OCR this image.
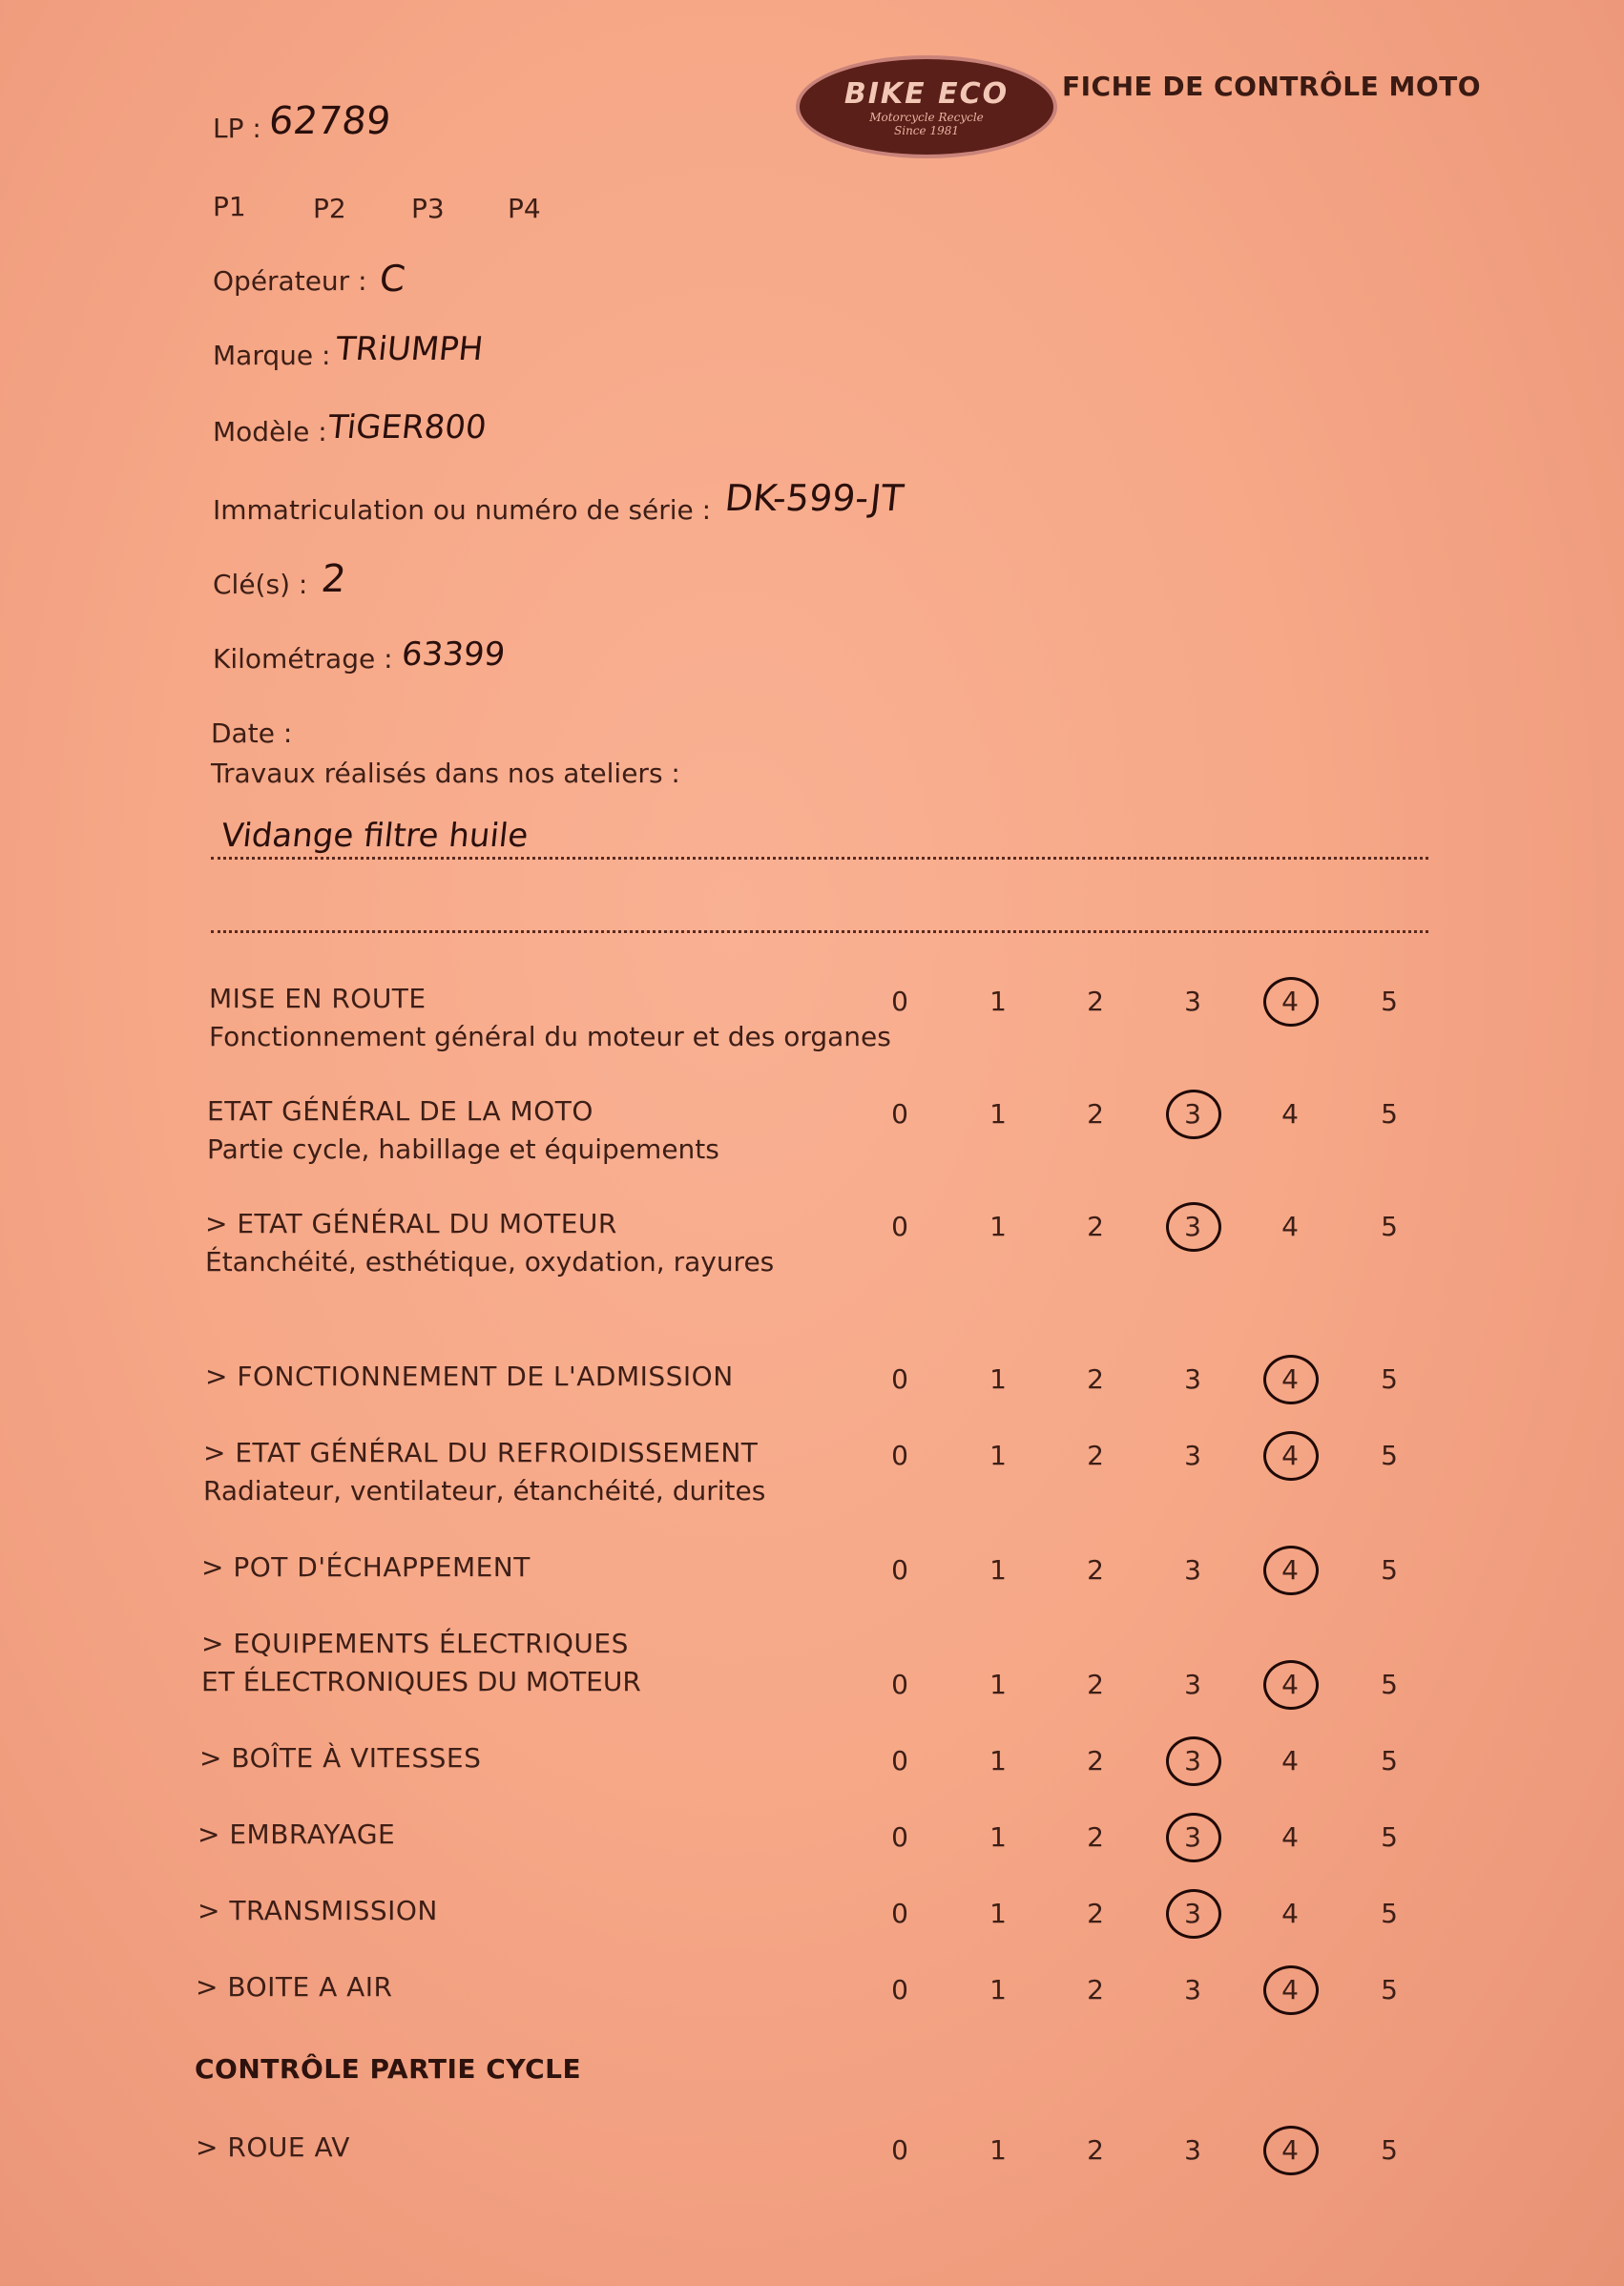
BIKE ECO
Motorcycle Recycle
Since 1981
FICHE DE CONTRÔLE MOTO
LP : 62789
P1	P2 P3 P4
Opérateur : C
Marque : TRiUMPH
Modèle : TiGER800
Immatriculation ou numéro de série : DK-599-JT
Clé(s) : 2
Kilométrage : 63399
Date :
Travaux réalisés dans nos ateliers :
Vidange filtre huile
MISE EN ROUTE
Fonctionnement général du moteur et des organes
0	1	2	3	4	5
ETAT GÉNÉRAL DE LA MOTO
Partie cycle, habillage et équipements
0	1	2	3	4	5
> ETAT GÉNÉRAL DU MOTEUR
Étanchéité, esthétique, oxydation, rayures
0	1	2	3	4	5
> FONCTIONNEMENT DE L'ADMISSION	0	1	2	3	4	5
> ETAT GÉNÉRAL DU REFROIDISSEMENT
Radiateur, ventilateur, étanchéité, durites
0	1	2	3	4	5
> POT D'ÉCHAPPEMENT	0	1	2	3	4	5
> EQUIPEMENTS ÉLECTRIQUES
ET ÉLECTRONIQUES DU MOTEUR	0	1	2	3	4	5
> BOÎTE À VITESSES	0	1	2	3	4	5
> EMBRAYAGE	0	1	2	3	4	5
> TRANSMISSION	0	1	2	3	4	5
> BOITE A AIR	0	1	2	3	4	5
CONTRÔLE PARTIE CYCLE
> ROUE AV	0	1	2	3	4	5
